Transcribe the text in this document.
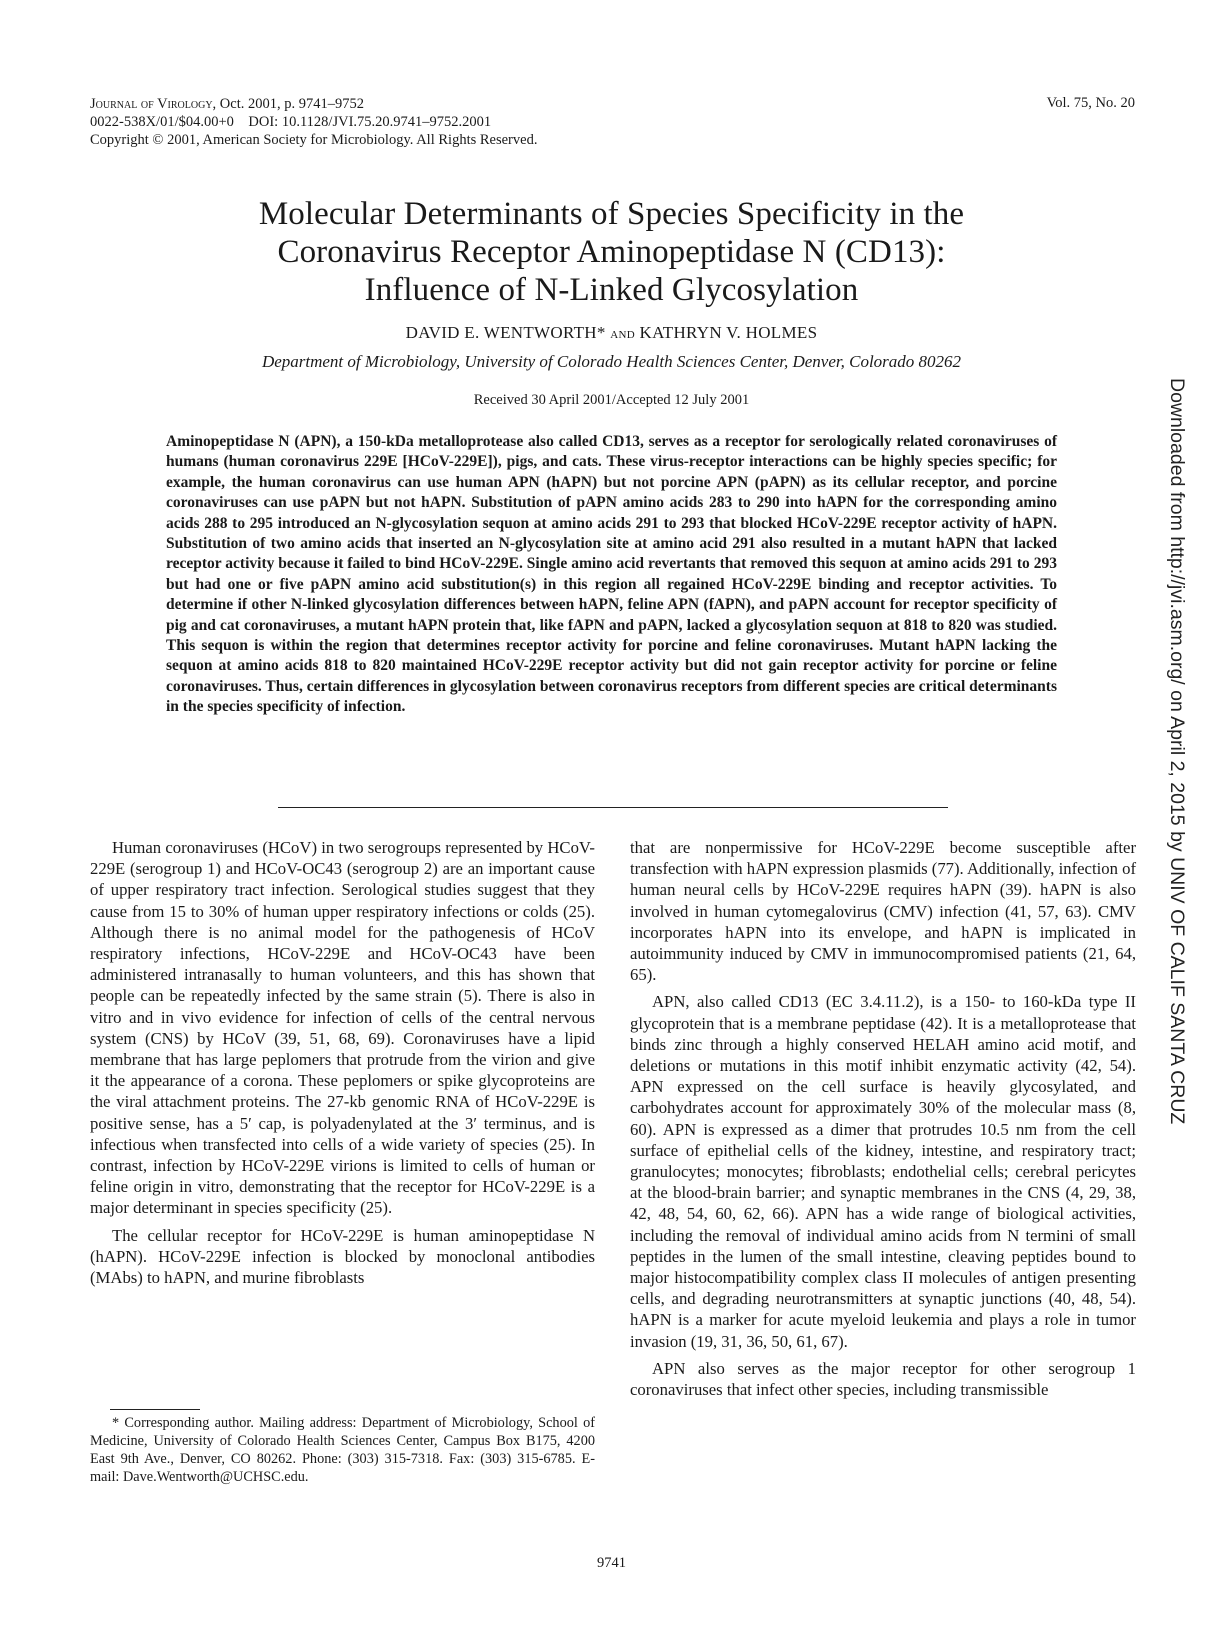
Journal of Virology, Oct. 2001, p. 9741–9752
0022-538X/01/$04.00+0    DOI: 10.1128/JVI.75.20.9741–9752.2001
Copyright © 2001, American Society for Microbiology. All Rights Reserved.
Vol. 75, No. 20
Molecular Determinants of Species Specificity in the
Coronavirus Receptor Aminopeptidase N (CD13):
Influence of N-Linked Glycosylation
DAVID E. WENTWORTH* and KATHRYN V. HOLMES
Department of Microbiology, University of Colorado Health Sciences Center, Denver, Colorado 80262
Received 30 April 2001/Accepted 12 July 2001
Aminopeptidase N (APN), a 150-kDa metalloprotease also called CD13, serves as a receptor for serologically related coronaviruses of humans (human coronavirus 229E [HCoV-229E]), pigs, and cats. These virus-receptor interactions can be highly species specific; for example, the human coronavirus can use human APN (hAPN) but not porcine APN (pAPN) as its cellular receptor, and porcine coronaviruses can use pAPN but not hAPN. Substitution of pAPN amino acids 283 to 290 into hAPN for the corresponding amino acids 288 to 295 introduced an N-glycosylation sequon at amino acids 291 to 293 that blocked HCoV-229E receptor activity of hAPN. Substitution of two amino acids that inserted an N-glycosylation site at amino acid 291 also resulted in a mutant hAPN that lacked receptor activity because it failed to bind HCoV-229E. Single amino acid revertants that removed this sequon at amino acids 291 to 293 but had one or five pAPN amino acid substitution(s) in this region all regained HCoV-229E binding and receptor activities. To determine if other N-linked glycosylation differences between hAPN, feline APN (fAPN), and pAPN account for receptor specificity of pig and cat coronaviruses, a mutant hAPN protein that, like fAPN and pAPN, lacked a glycosylation sequon at 818 to 820 was studied. This sequon is within the region that determines receptor activity for porcine and feline coronaviruses. Mutant hAPN lacking the sequon at amino acids 818 to 820 maintained HCoV-229E receptor activity but did not gain receptor activity for porcine or feline coronaviruses. Thus, certain differences in glycosylation between coronavirus receptors from different species are critical determinants in the species specificity of infection.

Human coronaviruses (HCoV) in two serogroups represented by HCoV-229E (serogroup 1) and HCoV-OC43 (serogroup 2) are an important cause of upper respiratory tract infection. Serological studies suggest that they cause from 15 to 30% of human upper respiratory infections or colds (25). Although there is no animal model for the pathogenesis of HCoV respiratory infections, HCoV-229E and HCoV-OC43 have been administered intranasally to human volunteers, and this has shown that people can be repeatedly infected by the same strain (5). There is also in vitro and in vivo evidence for infection of cells of the central nervous system (CNS) by HCoV (39, 51, 68, 69). Coronaviruses have a lipid membrane that has large peplomers that protrude from the virion and give it the appearance of a corona. These peplomers or spike glycoproteins are the viral attachment proteins. The 27-kb genomic RNA of HCoV-229E is positive sense, has a 5′ cap, is polyadenylated at the 3′ terminus, and is infectious when transfected into cells of a wide variety of species (25). In contrast, infection by HCoV-229E virions is limited to cells of human or feline origin in vitro, demonstrating that the receptor for HCoV-229E is a major determinant in species specificity (25).

The cellular receptor for HCoV-229E is human aminopeptidase N (hAPN). HCoV-229E infection is blocked by monoclonal antibodies (MAbs) to hAPN, and murine fibroblasts

that are nonpermissive for HCoV-229E become susceptible after transfection with hAPN expression plasmids (77). Additionally, infection of human neural cells by HCoV-229E requires hAPN (39). hAPN is also involved in human cytomegalovirus (CMV) infection (41, 57, 63). CMV incorporates hAPN into its envelope, and hAPN is implicated in autoimmunity induced by CMV in immunocompromised patients (21, 64, 65).

APN, also called CD13 (EC 3.4.11.2), is a 150- to 160-kDa type II glycoprotein that is a membrane peptidase (42). It is a metalloprotease that binds zinc through a highly conserved HELAH amino acid motif, and deletions or mutations in this motif inhibit enzymatic activity (42, 54). APN expressed on the cell surface is heavily glycosylated, and carbohydrates account for approximately 30% of the molecular mass (8, 60). APN is expressed as a dimer that protrudes 10.5 nm from the cell surface of epithelial cells of the kidney, intestine, and respiratory tract; granulocytes; monocytes; fibroblasts; endothelial cells; cerebral pericytes at the blood-brain barrier; and synaptic membranes in the CNS (4, 29, 38, 42, 48, 54, 60, 62, 66). APN has a wide range of biological activities, including the removal of individual amino acids from N termini of small peptides in the lumen of the small intestine, cleaving peptides bound to major histocompatibility complex class II molecules of antigen presenting cells, and degrading neurotransmitters at synaptic junctions (40, 48, 54). hAPN is a marker for acute myeloid leukemia and plays a role in tumor invasion (19, 31, 36, 50, 61, 67).

APN also serves as the major receptor for other serogroup 1 coronaviruses that infect other species, including transmissible

* Corresponding author. Mailing address: Department of Microbiology, School of Medicine, University of Colorado Health Sciences Center, Campus Box B175, 4200 East 9th Ave., Denver, CO 80262. Phone: (303) 315-7318. Fax: (303) 315-6785. E-mail: Dave.Wentworth@UCHSC.edu.

9741
Downloaded from http://jvi.asm.org/ on April 2, 2015 by UNIV OF CALIF SANTA CRUZ
